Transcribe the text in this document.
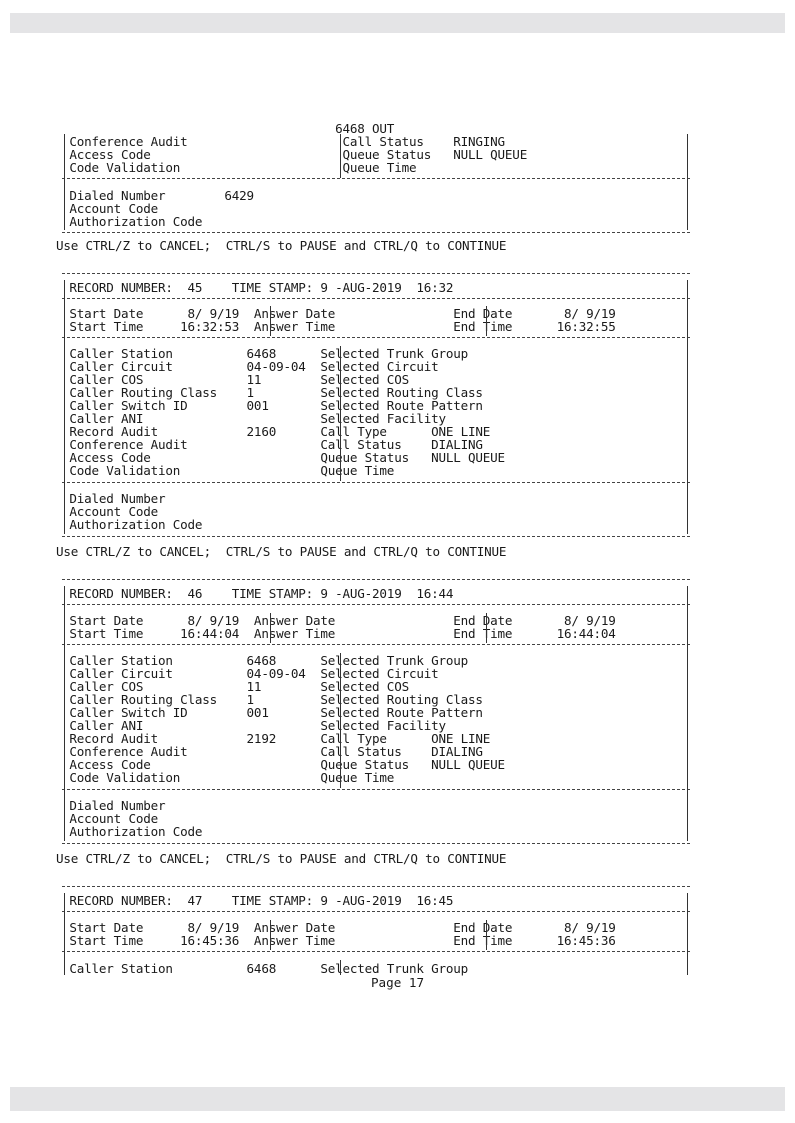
6468 OUT
Conference Audit                     Call Status    RINGING
Access Code                          Queue Status   NULL QUEUE
Code Validation                      Queue Time
Dialed Number        6429
Account Code
Authorization Code
Use CTRL/Z to CANCEL;  CTRL/S to PAUSE and CTRL/Q to CONTINUE
RECORD NUMBER:  45    TIME STAMP: 9 -AUG-2019  16:32
Start Date      8/ 9/19  Answer Date                End Date       8/ 9/19
Start Time     16:32:53  Answer Time                End Time      16:32:55
Caller Station          6468      Selected Trunk Group
Caller Circuit          04-09-04  Selected Circuit
Caller COS              11        Selected COS
Caller Routing Class    1         Selected Routing Class
Caller Switch ID        001       Selected Route Pattern
Caller ANI                        Selected Facility
Record Audit            2160      Call Type      ONE LINE
Conference Audit                  Call Status    DIALING
Access Code                       Queue Status   NULL QUEUE
Code Validation                   Queue Time
Dialed Number
Account Code
Authorization Code
Use CTRL/Z to CANCEL;  CTRL/S to PAUSE and CTRL/Q to CONTINUE
RECORD NUMBER:  46    TIME STAMP: 9 -AUG-2019  16:44
Start Date      8/ 9/19  Answer Date                End Date       8/ 9/19
Start Time     16:44:04  Answer Time                End Time      16:44:04
Caller Station          6468      Selected Trunk Group
Caller Circuit          04-09-04  Selected Circuit
Caller COS              11        Selected COS
Caller Routing Class    1         Selected Routing Class
Caller Switch ID        001       Selected Route Pattern
Caller ANI                        Selected Facility
Record Audit            2192      Call Type      ONE LINE
Conference Audit                  Call Status    DIALING
Access Code                       Queue Status   NULL QUEUE
Code Validation                   Queue Time
Dialed Number
Account Code
Authorization Code
Use CTRL/Z to CANCEL;  CTRL/S to PAUSE and CTRL/Q to CONTINUE
RECORD NUMBER:  47    TIME STAMP: 9 -AUG-2019  16:45
Start Date      8/ 9/19  Answer Date                End Date       8/ 9/19
Start Time     16:45:36  Answer Time                End Time      16:45:36
Caller Station          6468      Selected Trunk Group
Page 17
